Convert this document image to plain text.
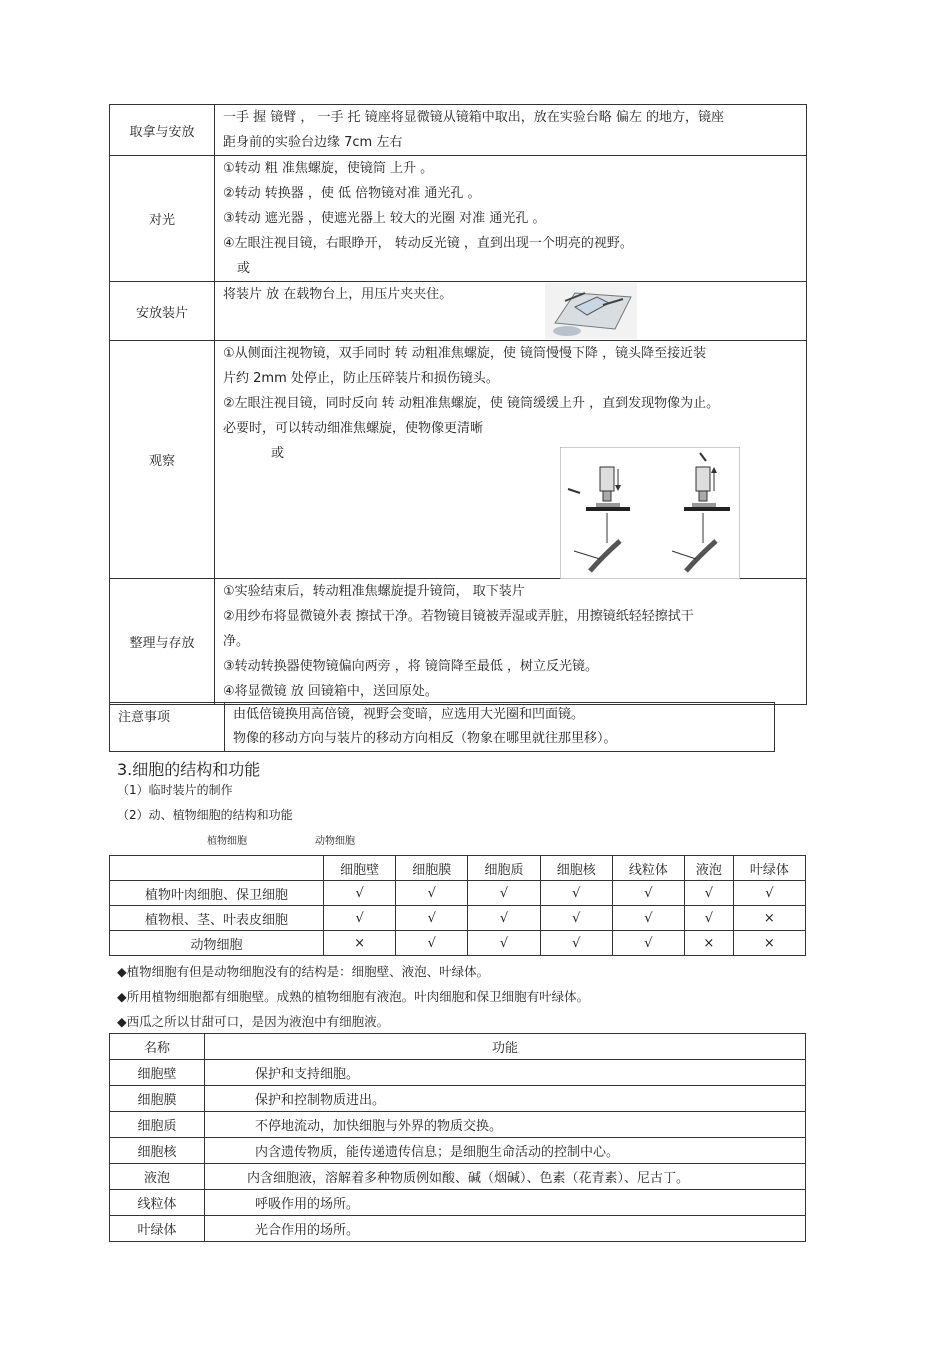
取拿与安放	一手 握 镜臂 ， 一手 托 镜座将显微镜从镜箱中取出，放在实验台略 偏左 的地方，镜座
距身前的实验台边缘 7cm 左右

对光	①转动 粗 准焦螺旋，使镜筒 上升 。
②转动 转换器 ，使 低 倍物镜对准 通光孔 。
③转动 遮光器 ，使遮光器上 较大的光圈 对准 通光孔 。
④左眼注视目镜，右眼睁开， 转动反光镜 ，直到出现一个明亮的视野。
或

安放装片	将装片 放 在载物台上，用压片夹夹住。

观察	①从侧面注视物镜，双手同时 转 动粗准焦螺旋，使 镜筒慢慢下降 ，镜头降至接近装
片约 2mm 处停止，防止压碎装片和损伤镜头。
②左眼注视目镜，同时反向 转 动粗准焦螺旋，使 镜筒缓缓上升 ，直到发现物像为止。
必要时，可以转动细准焦螺旋，使物像更清晰
或

整理与存放	①实验结束后，转动粗准焦螺旋提升镜筒， 取下装片
②用纱布将显微镜外表 擦拭干净。若物镜目镜被弄湿或弄脏，用擦镜纸轻轻擦拭干
净。
③转动转换器使物镜偏向两旁 ，将 镜筒降至最低 ，树立反光镜。
④将显微镜 放 回镜箱中，送回原处。
注意事项	由低倍镜换用高倍镜，视野会变暗，应选用大光圈和凹面镜。
物像的移动方向与装片的移动方向相反（物象在哪里就往那里移）。
3.细胞的结构和功能
（1）临时装片的制作
（2）动、植物细胞的结构和功能
植物细胞	动物细胞
	细胞壁	细胞膜	细胞质	细胞核	线粒体	液泡	叶绿体
植物叶肉细胞、保卫细胞	√	√	√	√	√	√	√
植物根、茎、叶表皮细胞	√	√	√	√	√	√	×
动物细胞	×	√	√	√	√	×	×
◆植物细胞有但是动物细胞没有的结构是：细胞壁、液泡、叶绿体。
◆所用植物细胞都有细胞壁。成熟的植物细胞有液泡。叶肉细胞和保卫细胞有叶绿体。
◆西瓜之所以甘甜可口，是因为液泡中有细胞液。
名称	功能
细胞壁	保护和支持细胞。
细胞膜	保护和控制物质进出。
细胞质	不停地流动，加快细胞与外界的物质交换。
细胞核	内含遗传物质，能传递遗传信息；是细胞生命活动的控制中心。
液泡	内含细胞液，溶解着多种物质例如酸、碱（烟碱）、色素（花青素）、尼古丁。
线粒体	呼吸作用的场所。
叶绿体	光合作用的场所。
